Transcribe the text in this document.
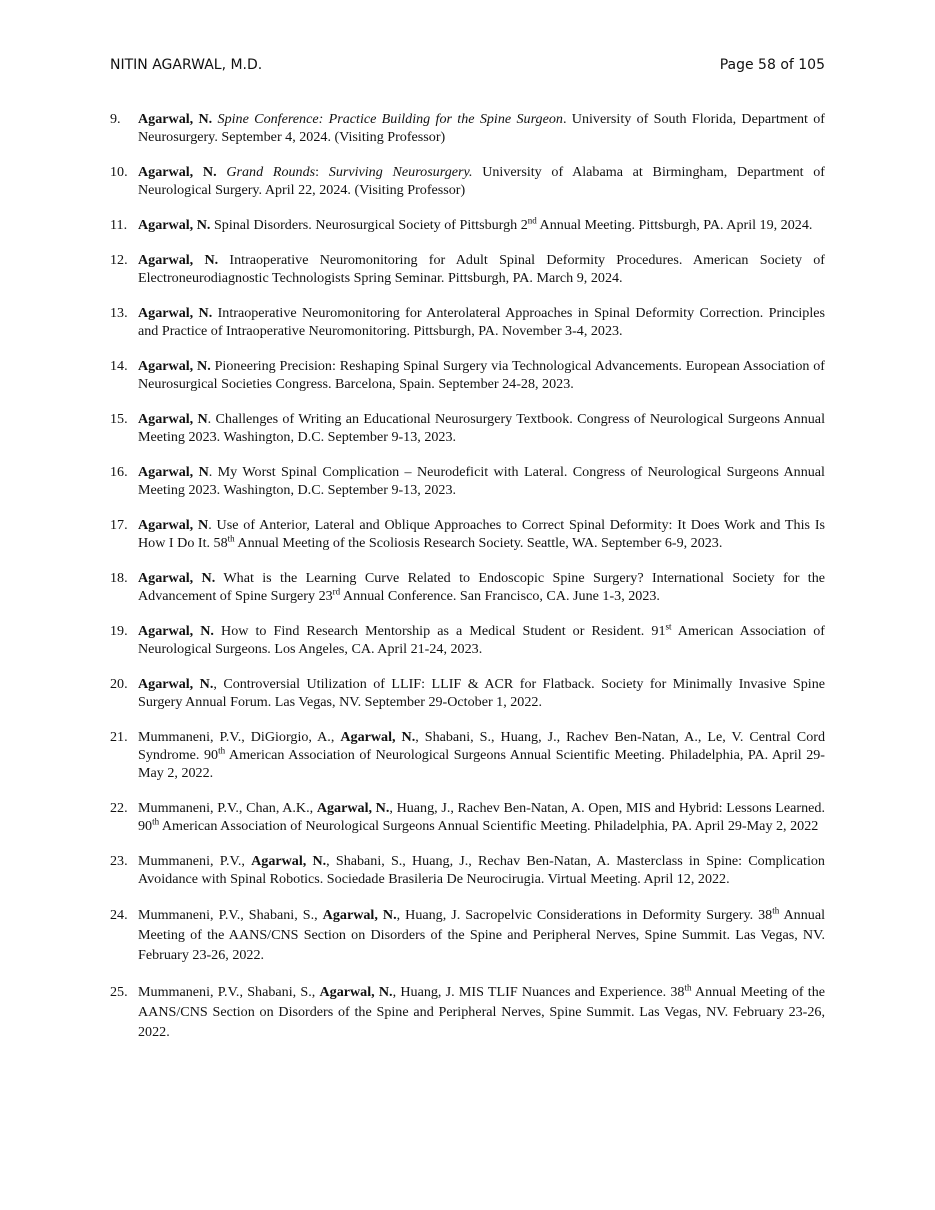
NITIN AGARWAL, M.D.	Page 58 of 105
9. Agarwal, N. Spine Conference: Practice Building for the Spine Surgeon. University of South Florida, Department of Neurosurgery. September 4, 2024. (Visiting Professor)
10. Agarwal, N. Grand Rounds: Surviving Neurosurgery. University of Alabama at Birmingham, Department of Neurological Surgery. April 22, 2024. (Visiting Professor)
11. Agarwal, N. Spinal Disorders. Neurosurgical Society of Pittsburgh 2nd Annual Meeting. Pittsburgh, PA. April 19, 2024.
12. Agarwal, N. Intraoperative Neuromonitoring for Adult Spinal Deformity Procedures. American Society of Electroneurodiagnostic Technologists Spring Seminar. Pittsburgh, PA. March 9, 2024.
13. Agarwal, N. Intraoperative Neuromonitoring for Anterolateral Approaches in Spinal Deformity Correction. Principles and Practice of Intraoperative Neuromonitoring. Pittsburgh, PA. November 3-4, 2023.
14. Agarwal, N. Pioneering Precision: Reshaping Spinal Surgery via Technological Advancements. European Association of Neurosurgical Societies Congress. Barcelona, Spain. September 24-28, 2023.
15. Agarwal, N. Challenges of Writing an Educational Neurosurgery Textbook. Congress of Neurological Surgeons Annual Meeting 2023. Washington, D.C. September 9-13, 2023.
16. Agarwal, N. My Worst Spinal Complication – Neurodeficit with Lateral. Congress of Neurological Surgeons Annual Meeting 2023. Washington, D.C. September 9-13, 2023.
17. Agarwal, N. Use of Anterior, Lateral and Oblique Approaches to Correct Spinal Deformity: It Does Work and This Is How I Do It. 58th Annual Meeting of the Scoliosis Research Society. Seattle, WA. September 6-9, 2023.
18. Agarwal, N. What is the Learning Curve Related to Endoscopic Spine Surgery? International Society for the Advancement of Spine Surgery 23rd Annual Conference. San Francisco, CA. June 1-3, 2023.
19. Agarwal, N. How to Find Research Mentorship as a Medical Student or Resident. 91st American Association of Neurological Surgeons. Los Angeles, CA. April 21-24, 2023.
20. Agarwal, N., Controversial Utilization of LLIF: LLIF & ACR for Flatback. Society for Minimally Invasive Spine Surgery Annual Forum. Las Vegas, NV. September 29-October 1, 2022.
21. Mummaneni, P.V., DiGiorgio, A., Agarwal, N., Shabani, S., Huang, J., Rachev Ben-Natan, A., Le, V. Central Cord Syndrome. 90th American Association of Neurological Surgeons Annual Scientific Meeting. Philadelphia, PA. April 29-May 2, 2022.
22. Mummaneni, P.V., Chan, A.K., Agarwal, N., Huang, J., Rachev Ben-Natan, A. Open, MIS and Hybrid: Lessons Learned. 90th American Association of Neurological Surgeons Annual Scientific Meeting. Philadelphia, PA. April 29-May 2, 2022
23. Mummaneni, P.V., Agarwal, N., Shabani, S., Huang, J., Rechav Ben-Natan, A. Masterclass in Spine: Complication Avoidance with Spinal Robotics. Sociedade Brasileria De Neurocirugia. Virtual Meeting. April 12, 2022.
24. Mummaneni, P.V., Shabani, S., Agarwal, N., Huang, J. Sacropelvic Considerations in Deformity Surgery. 38th Annual Meeting of the AANS/CNS Section on Disorders of the Spine and Peripheral Nerves, Spine Summit. Las Vegas, NV. February 23-26, 2022.
25. Mummaneni, P.V., Shabani, S., Agarwal, N., Huang, J. MIS TLIF Nuances and Experience. 38th Annual Meeting of the AANS/CNS Section on Disorders of the Spine and Peripheral Nerves, Spine Summit. Las Vegas, NV. February 23-26, 2022.
